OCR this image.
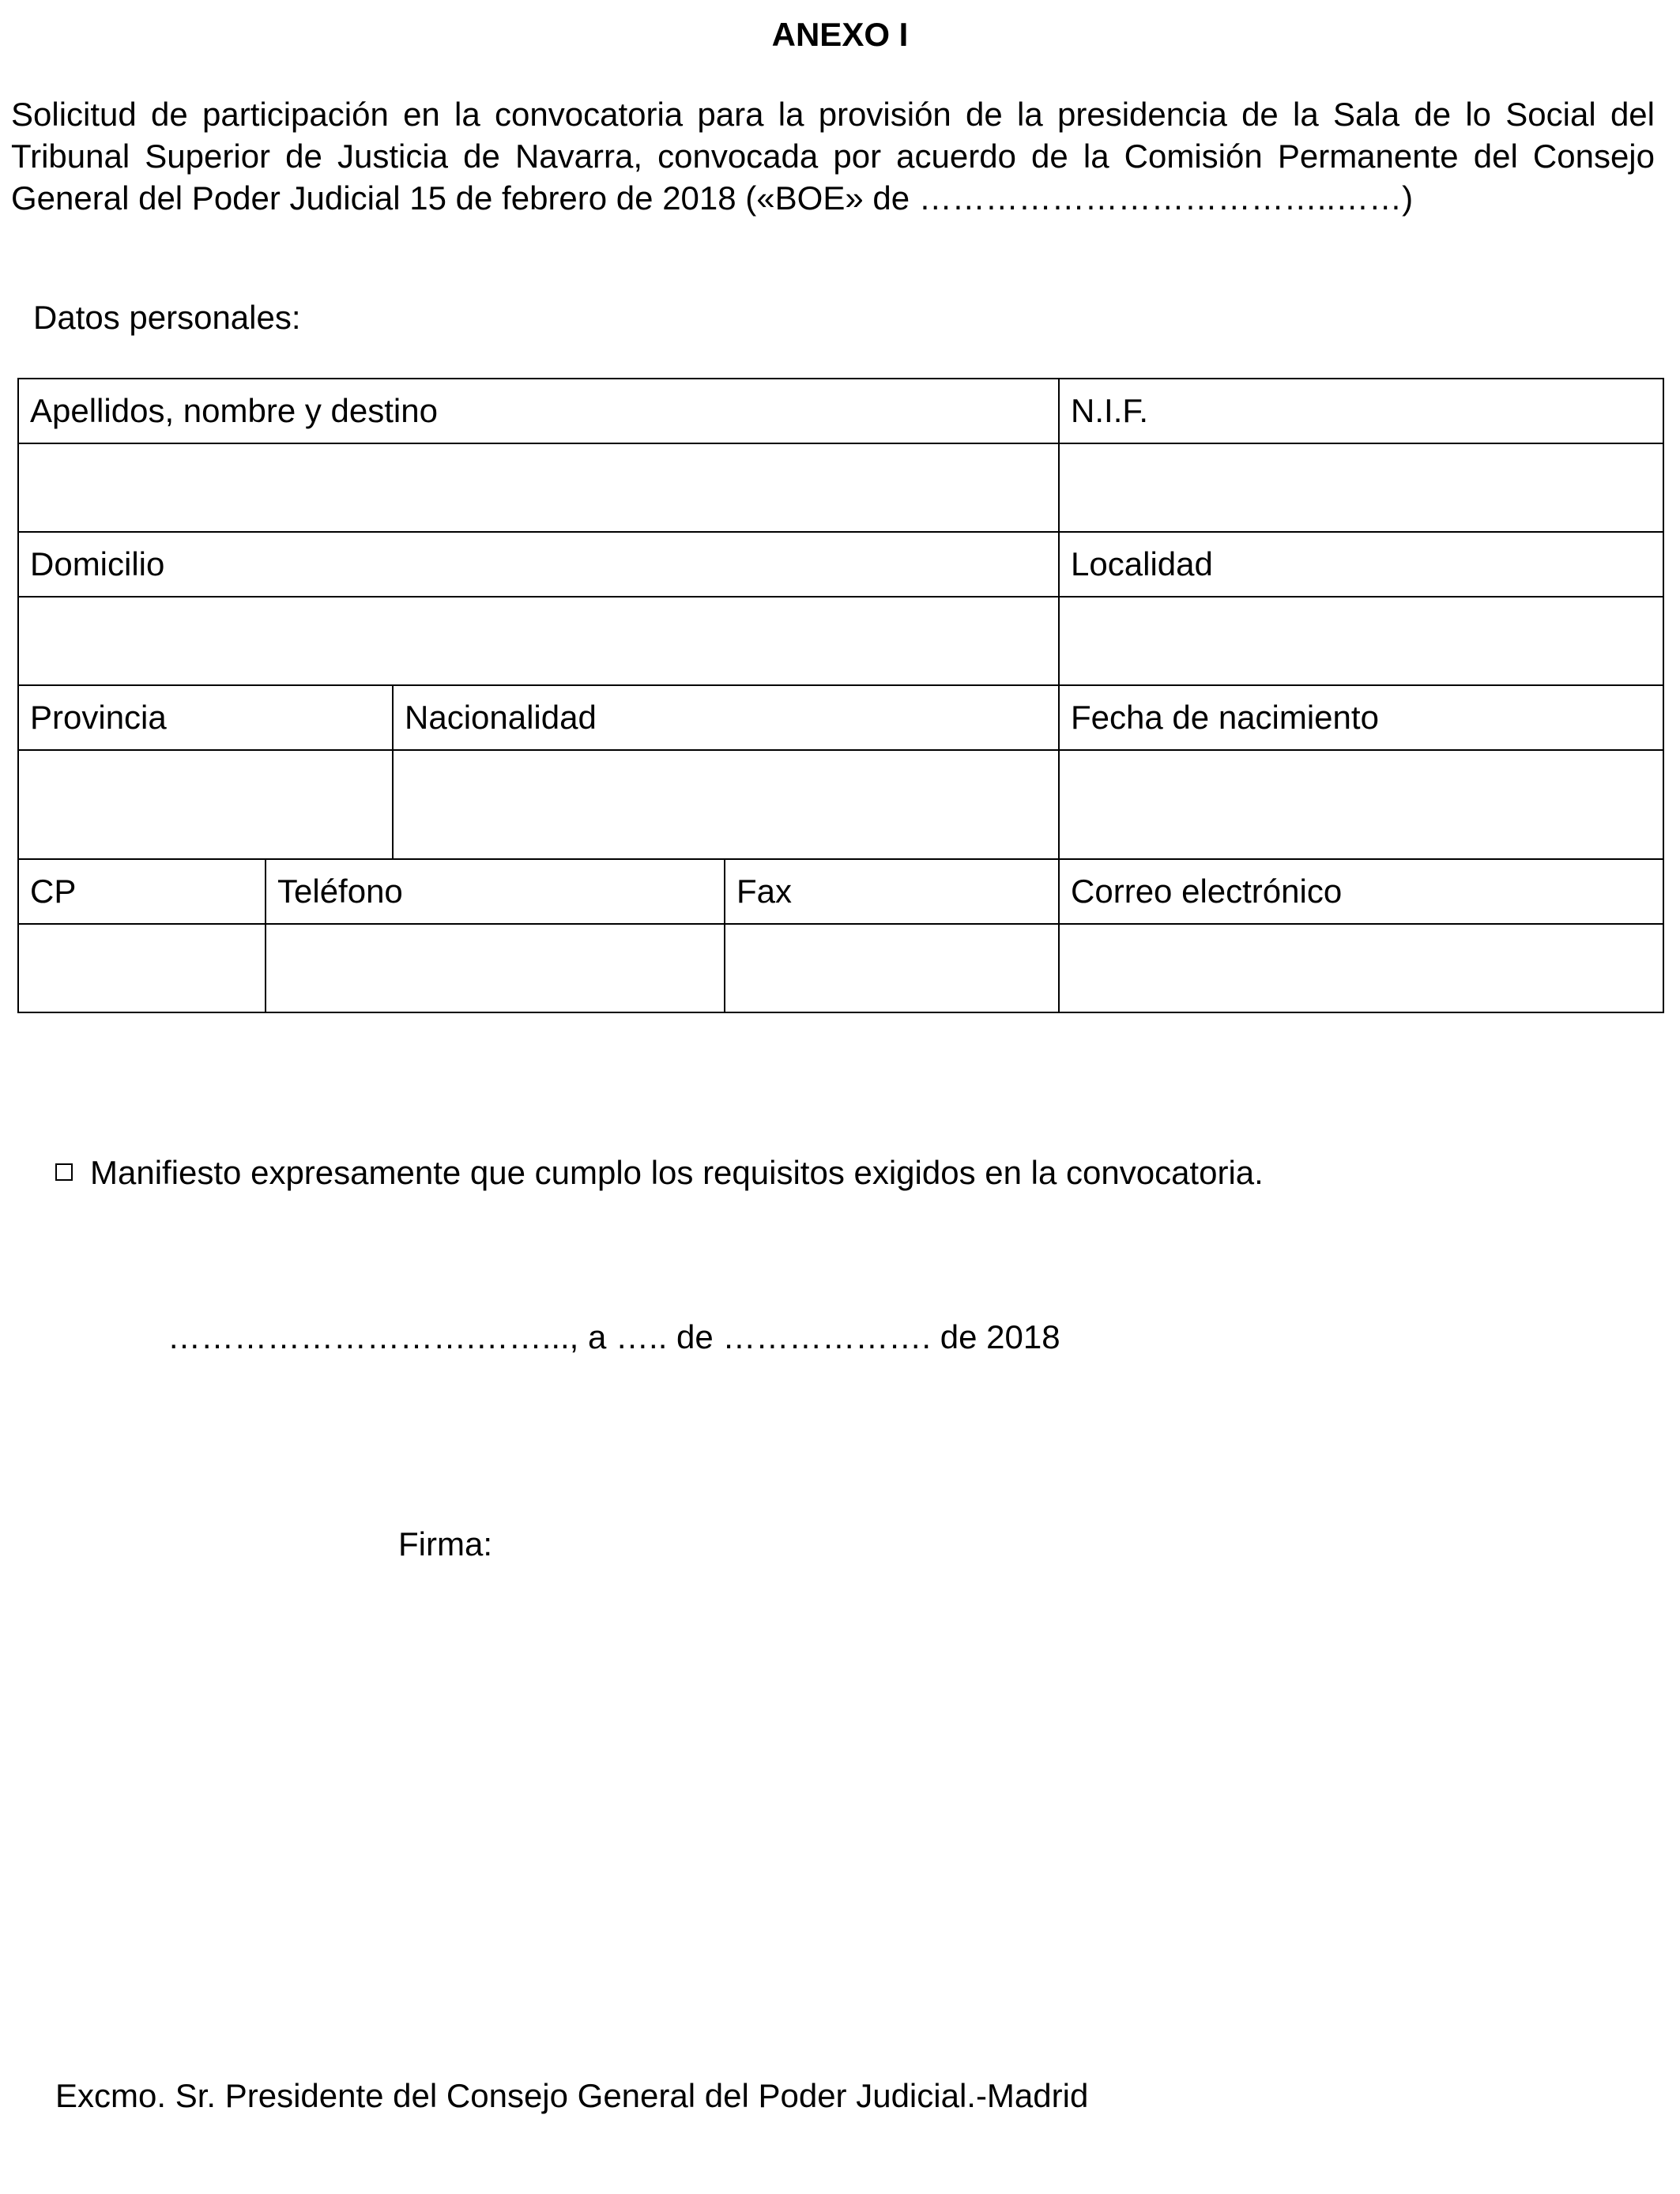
ANEXO I

Solicitud de participación en la convocatoria para la provisión de la presidencia de la Sala de lo Social del Tribunal Superior de Justicia de Navarra, convocada por acuerdo de la Comisión Permanente del Consejo General del Poder Judicial 15 de febrero de 2018 («BOE» de ………………………………..……)

Datos personales:

Apellidos, nombre y destino				N.I.F.

Domicilio				Localidad

Provincia		Nacionalidad		Fecha de nacimiento

CP	Teléfono		Fax	Correo electrónico

Manifiesto expresamente que cumplo los requisitos exigidos en la convocatoria.

……………………….……..., a ….. de ………………. de 2018

Firma:

Excmo. Sr. Presidente del Consejo General del Poder Judicial.-Madrid
